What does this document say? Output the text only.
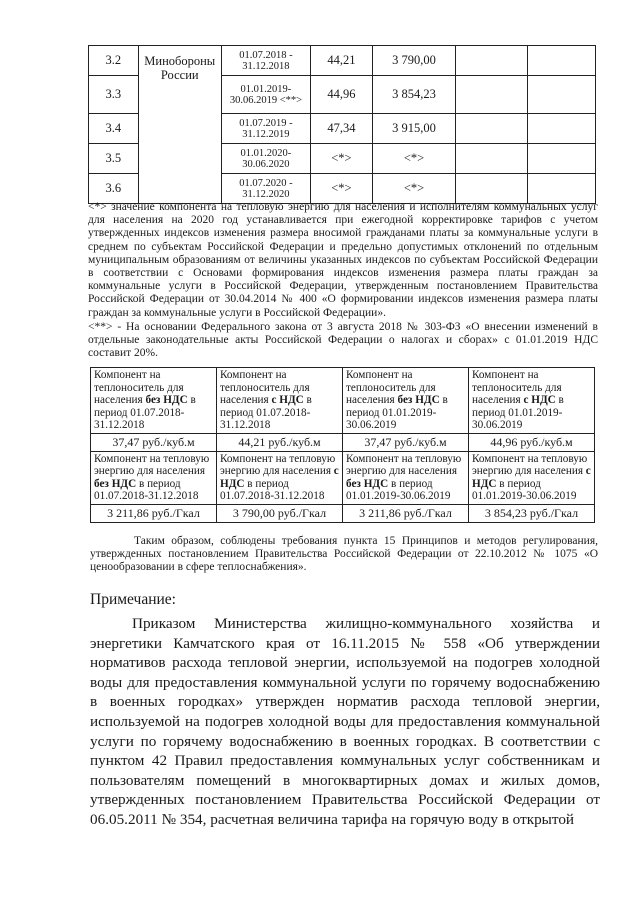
3.2	Минобороны России	01.07.2018 - 31.12.2018	44,21	3 790,00		
3.3		01.01.2019- 30.06.2019 <**>	44,96	3 854,23		
3.4		01.07.2019 - 31.12.2019	47,34	3 915,00		
3.5		01.01.2020- 30.06.2020	<*>	<*>		
3.6		01.07.2020 - 31.12.2020	<*>	<*>		
<*> значение компонента на тепловую энергию для населения и исполнителям коммунальных услуг для населения на 2020 год устанавливается при ежегодной корректировке тарифов с учетом утвержденных индексов изменения размера вносимой гражданами платы за коммунальные услуги в среднем по субъектам Российской Федерации и предельно допустимых отклонений по отдельным муниципальным образованиям от величины указанных индексов по субъектам Российской Федерации в соответствии с Основами формирования индексов изменения размера платы граждан за коммунальные услуги в Российской Федерации, утвержденным постановлением Правительства Российской Федерации от 30.04.2014 № 400 «О формировании индексов изменения размера платы граждан за коммунальные услуги в Российской Федерации».
<**> - На основании Федерального закона от 3 августа 2018 № 303-ФЗ «О внесении изменений в отдельные законодательные акты Российской Федерации о налогах и сборах» с 01.01.2019 НДС составит 20%.
Компонент на теплоноситель для населения без НДС в период 01.07.2018-31.12.2018	Компонент на теплоноситель для населения с НДС в период 01.07.2018-31.12.2018	Компонент на теплоноситель для населения без НДС в период 01.01.2019-30.06.2019	Компонент на теплоноситель для населения с НДС в период 01.01.2019-30.06.2019
37,47 руб./куб.м	44,21 руб./куб.м	37,47 руб./куб.м	44,96 руб./куб.м
Компонент на тепловую энергию для населения без НДС в период 01.07.2018-31.12.2018	Компонент на тепловую энергию для населения с НДС в период 01.07.2018-31.12.2018	Компонент на тепловую энергию для населения без НДС в период 01.01.2019-30.06.2019	Компонент на тепловую энергию для населения с НДС в период 01.01.2019-30.06.2019
3 211,86 руб./Гкал	3 790,00 руб./Гкал	3 211,86 руб./Гкал	3 854,23 руб./Гкал
Таким образом, соблюдены требования пункта 15 Принципов и методов регулирования, утвержденных постановлением Правительства Российской Федерации от 22.10.2012 № 1075 «О ценообразовании в сфере теплоснабжения».
Примечание:
Приказом Министерства жилищно-коммунального хозяйства и энергетики Камчатского края от 16.11.2015 № 558 «Об утверждении нормативов расхода тепловой энергии, используемой на подогрев холодной воды для предоставления коммунальной услуги по горячему водоснабжению в военных городках» утвержден норматив расхода тепловой энергии, используемой на подогрев холодной воды для предоставления коммунальной услуги по горячему водоснабжению в военных городках. В соответствии с пунктом 42 Правил предоставления коммунальных услуг собственникам и пользователям помещений в многоквартирных домах и жилых домов, утвержденных постановлением Правительства Российской Федерации от 06.05.2011 № 354, расчетная величина тарифа на горячую воду в открытой
